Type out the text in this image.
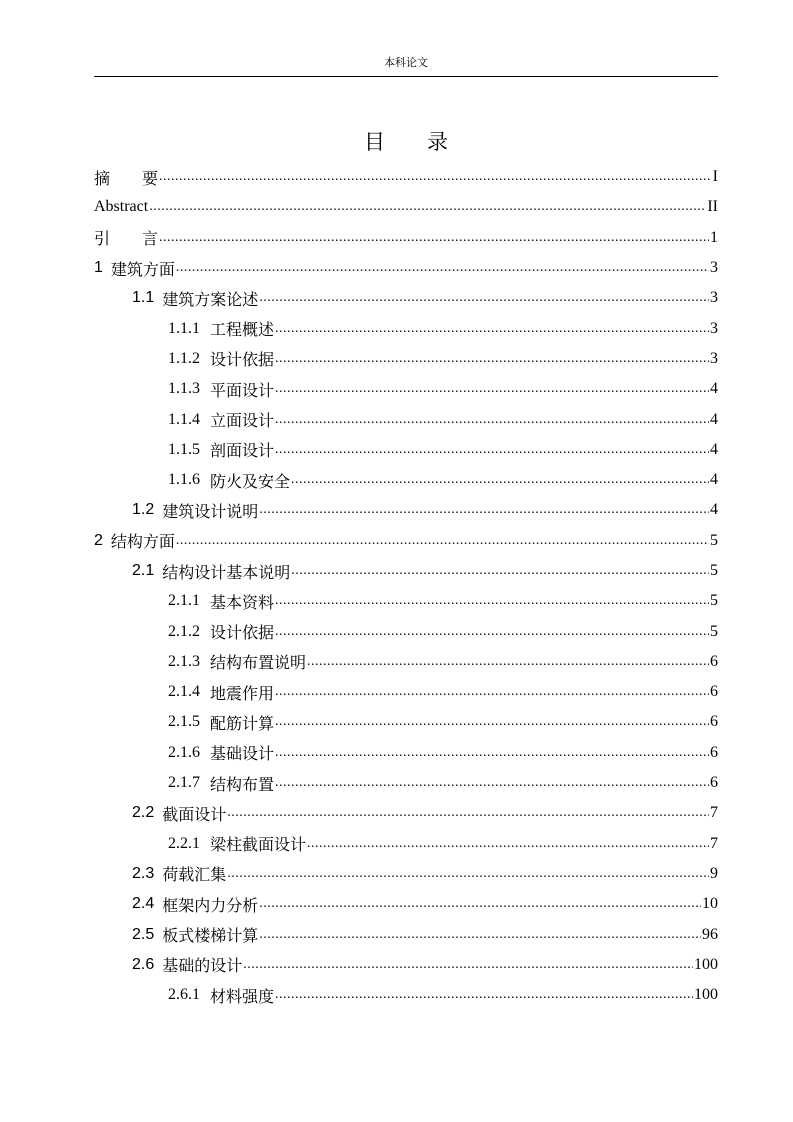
本科论文
目 录
摘 要 .....	I
Abstract .....	II
引 言 .....	1
1 建筑方面 .....	3
1.1 建筑方案论述 .....	3
1.1.1 工程概述 .....	3
1.1.2 设计依据 .....	3
1.1.3 平面设计 .....	4
1.1.4 立面设计 .....	4
1.1.5 剖面设计 .....	4
1.1.6 防火及安全 .....	4
1.2 建筑设计说明 .....	4
2 结构方面 .....	5
2.1 结构设计基本说明 .....	5
2.1.1 基本资料 .....	5
2.1.2 设计依据 .....	5
2.1.3 结构布置说明 .....	6
2.1.4 地震作用 .....	6
2.1.5 配筋计算 .....	6
2.1.6 基础设计 .....	6
2.1.7 结构布置 .....	6
2.2 截面设计 .....	7
2.2.1 梁柱截面设计 .....	7
2.3 荷载汇集 .....	9
2.4 框架内力分析 .....	10
2.5 板式楼梯计算 .....	96
2.6 基础的设计 .....	100
2.6.1 材料强度 .....	100
